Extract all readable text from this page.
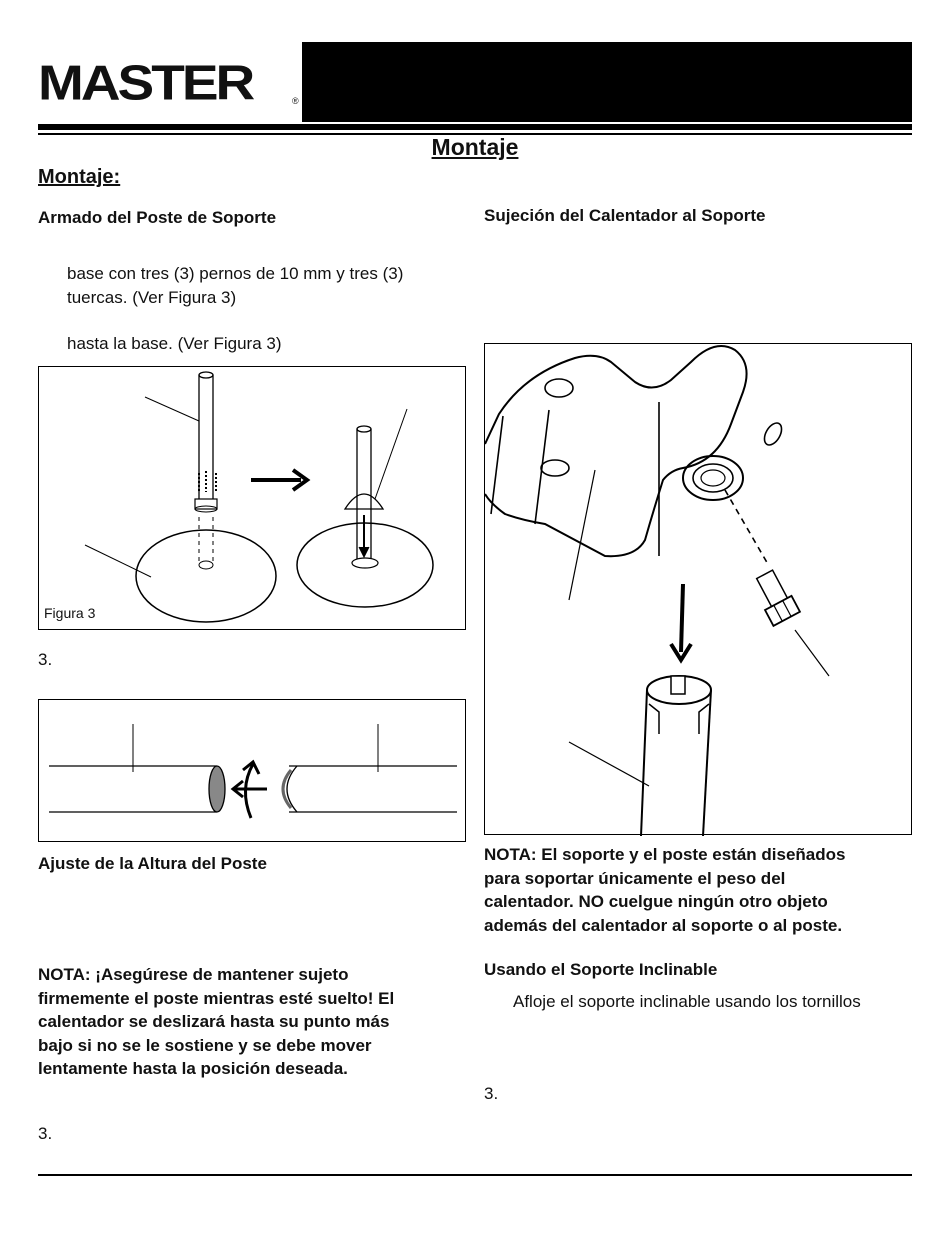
MASTER	®
Montaje
Montaje:
Armado del Poste de Soporte
base con tres (3) pernos de 10 mm y tres (3)
tuercas. (Ver Figura 3)
hasta la base. (Ver Figura 3)
Figura 3
3.
Ajuste de la Altura del Poste
NOTA: ¡Asegúrese de mantener sujeto
firmemente el poste mientras esté suelto! El
calentador se deslizará hasta su punto más
bajo si no se le sostiene y se debe mover
lentamente hasta la posición deseada.
3.
Sujeción del Calentador al Soporte
NOTA: El soporte y el poste están diseñados
para soportar únicamente el peso del
calentador. NO cuelgue ningún otro objeto
además del calentador al soporte o al poste.
Usando el Soporte Inclinable
Afloje el soporte inclinable usando los tornillos
3.
